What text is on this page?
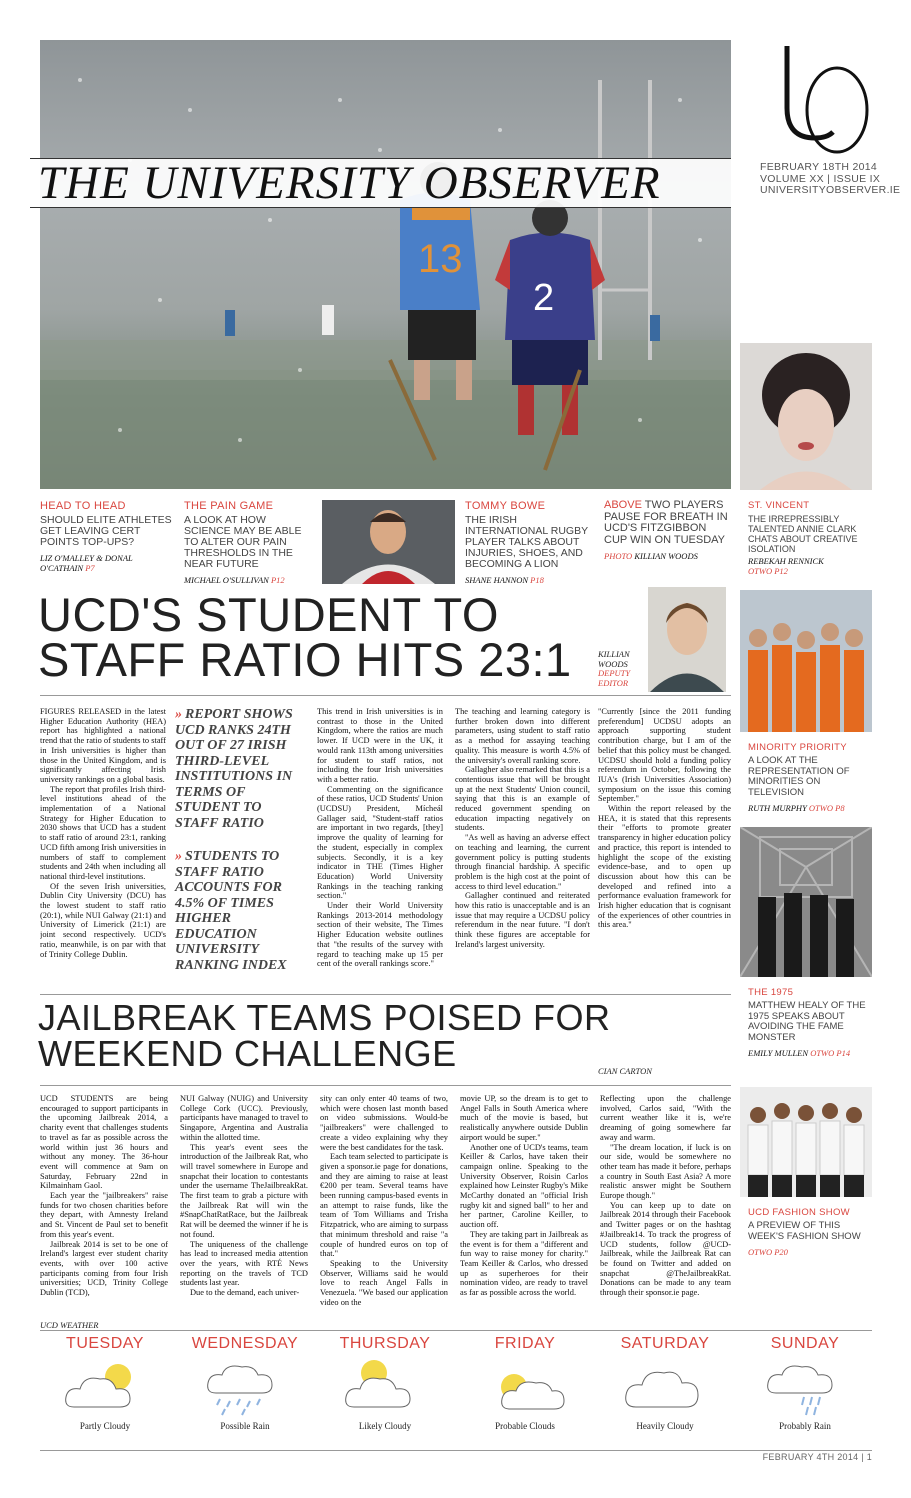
13
2
THE UNIVERSITY OBSERVER	FEBRUARY 18TH 2014
VOLUME XX | ISSUE IX
UNIVERSITYOBSERVER.IE
HEAD TO HEAD
SHOULD ELITE ATHLETES GET LEAVING CERT POINTS TOP-UPS?
LIZ O'MALLEY & DONAL O'CATHAIN P7
THE PAIN GAME
A LOOK AT HOW SCIENCE MAY BE ABLE TO ALTER OUR PAIN THRESHOLDS IN THE NEAR FUTURE
MICHAEL O'SULLIVAN P12
TOMMY BOWE
THE IRISH INTERNATIONAL RUGBY PLAYER TALKS ABOUT INJURIES, SHOES, AND BECOMING A LION
SHANE HANNON P18
ABOVE TWO PLAYERS PAUSE FOR BREATH IN UCD'S FITZGIBBON CUP WIN ON TUESDAY
PHOTO KILLIAN WOODS
ST. VINCENT
THE IRREPRESSIBLY TALENTED ANNIE CLARK CHATS ABOUT CREATIVE ISOLATION
REBEKAH RENNICK
OTWO P12
UCD'S STUDENT TO
STAFF RATIO HITS 23:1	KILLIAN WOODS
DEPUTY EDITOR

FIGURES RELEASED in the latest Higher Education Authority (HEA) report has highlighted a national trend that the ratio of students to staff in Irish universities is higher than those in the United Kingdom, and is significantly affecting Irish university rankings on a global basis.

The report that profiles Irish third-level institutions ahead of the implementation of a National Strategy for Higher Education to 2030 shows that UCD has a student to staff ratio of around 23:1, ranking UCD fifth among Irish universities in numbers of staff to complement students and 24th when including all national third-level institutions.

Of the seven Irish universities, Dublin City University (DCU) has the lowest student to staff ratio (20:1), while NUI Galway (21:1) and University of Limerick (21:1) are joint second respectively. UCD's ratio, meanwhile, is on par with that of Trinity College Dublin.

» REPORT SHOWS UCD RANKS 24TH OUT OF 27 IRISH THIRD-LEVEL INSTITUTIONS IN TERMS OF STUDENT TO STAFF RATIO
» STUDENTS TO STAFF RATIO ACCOUNTS FOR 4.5% OF TIMES HIGHER EDUCATION UNIVERSITY RANKING INDEX

This trend in Irish universities is in contrast to those in the United Kingdom, where the ratios are much lower. If UCD were in the UK, it would rank 113th among universities for student to staff ratios, not including the four Irish universities with a better ratio.

Commenting on the significance of these ratios, UCD Students' Union (UCDSU) President, Mícheál Gallager said, "Student-staff ratios are important in two regards, [they] improve the quality of learning for the student, especially in complex subjects. Secondly, it is a key indicator in THE (Times Higher Education) World University Rankings in the teaching ranking section."

Under their World University Rankings 2013-2014 methodology section of their website, The Times Higher Education website outlines that "the results of the survey with regard to teaching make up 15 per cent of the overall rankings score."

The teaching and learning category is further broken down into different parameters, using student to staff ratio as a method for assaying teaching quality. This measure is worth 4.5% of the university's overall ranking score.

Gallagher also remarked that this is a contentious issue that will be brought up at the next Students' Union council, saying that this is an example of reduced government spending on education impacting negatively on students.

"As well as having an adverse effect on teaching and learning, the current government policy is putting students through financial hardship. A specific problem is the high cost at the point of access to third level education."

Gallagher continued and reiterated how this ratio is unacceptable and is an issue that may require a UCDSU policy referendum in the near future. "I don't think these figures are acceptable for Ireland's largest university.

"Currently [since the 2011 funding preferendum] UCDSU adopts an approach supporting student contribution charge, but I am of the belief that this policy must be changed. UCDSU should hold a funding policy referendum in October, following the IUA's (Irish Universities Association) symposium on the issue this coming September."

Within the report released by the HEA, it is stated that this represents their "efforts to promote greater transparency in higher education policy and practice, this report is intended to highlight the scope of the existing evidence-base, and to open up discussion about how this can be developed and refined into a performance evaluation framework for Irish higher education that is cognisant of the experiences of other countries in this area."

MINORITY PRIORITY
A LOOK AT THE REPRESENTATION OF MINORITIES ON TELEVISION
RUTH MURPHY OTWO P8
THE 1975
MATTHEW HEALY OF THE 1975 SPEAKS ABOUT AVOIDING THE FAME MONSTER
EMILY MULLEN OTWO P14
JAILBREAK TEAMS POISED FOR
WEEKEND CHALLENGE	CIAN CARTON

UCD STUDENTS are being encouraged to support participants in the upcoming Jailbreak 2014, a charity event that challenges students to travel as far as possible across the world within just 36 hours and without any money. The 36-hour event will commence at 9am on Saturday, February 22nd in Kilmainham Gaol.

Each year the "jailbreakers" raise funds for two chosen charities before they depart, with Amnesty Ireland and St. Vincent de Paul set to benefit from this year's event.

Jailbreak 2014 is set to be one of Ireland's largest ever student charity events, with over 100 active participants coming from four Irish universities; UCD, Trinity College Dublin (TCD),

NUI Galway (NUIG) and University College Cork (UCC). Previously, participants have managed to travel to Singapore, Argentina and Australia within the allotted time.

This year's event sees the introduction of the Jailbreak Rat, who will travel somewhere in Europe and snapchat their location to contestants under the username TheJailbreakRat. The first team to grab a picture with the Jailbreak Rat will win the #SnapChatRatRace, but the Jailbreak Rat will be deemed the winner if he is not found.

The uniqueness of the challenge has lead to increased media attention over the years, with RTÉ News reporting on the travels of TCD students last year.

Due to the demand, each univer-

sity can only enter 40 teams of two, which were chosen last month based on video submissions. Would-be "jailbreakers" were challenged to create a video explaining why they were the best candidates for the task.

Each team selected to participate is given a sponsor.ie page for donations, and they are aiming to raise at least €200 per team. Several teams have been running campus-based events in an attempt to raise funds, like the team of Tom Williams and Trisha Fitzpatrick, who are aiming to surpass that minimum threshold and raise "a couple of hundred euros on top of that."

Speaking to the University Observer, Williams said he would love to reach Angel Falls in Venezuela. "We based our application video on the

movie UP, so the dream is to get to Angel Falls in South America where much of the movie is based, but realistically anywhere outside Dublin airport would be super."

Another one of UCD's teams, team Keiller & Carlos, have taken their campaign online. Speaking to the University Observer, Roisin Carlos explained how Leinster Rugby's Mike McCarthy donated an "official Irish rugby kit and signed ball" to her and her partner, Caroline Keiller, to auction off.

They are taking part in Jailbreak as the event is for them a "different and fun way to raise money for charity." Team Keiller & Carlos, who dressed up as superheroes for their nomination video, are ready to travel as far as possible across the world.

Reflecting upon the challenge involved, Carlos said, "With the current weather like it is, we're dreaming of going somewhere far away and warm.

"The dream location, if luck is on our side, would be somewhere no other team has made it before, perhaps a country in South East Asia? A more realistic answer might be Southern Europe though."

You can keep up to date on Jailbreak 2014 through their Facebook and Twitter pages or on the hashtag #Jailbreak14. To track the progress of UCD students, follow @UCD-Jailbreak, while the Jailbreak Rat can be found on Twitter and added on snapchat @TheJailbreakRat. Donations can be made to any team through their sponsor.ie page.

UCD FASHION SHOW
A PREVIEW OF THIS WEEK'S FASHION SHOW
OTWO P20
UCD WEATHER
TUESDAY
Partly Cloudy
WEDNESDAY
Possible Rain
THURSDAY
Likely Cloudy
FRIDAY
Probable Clouds
SATURDAY
Heavily Cloudy
SUNDAY
Probably Rain
FEBRUARY 4TH 2014 | 1
